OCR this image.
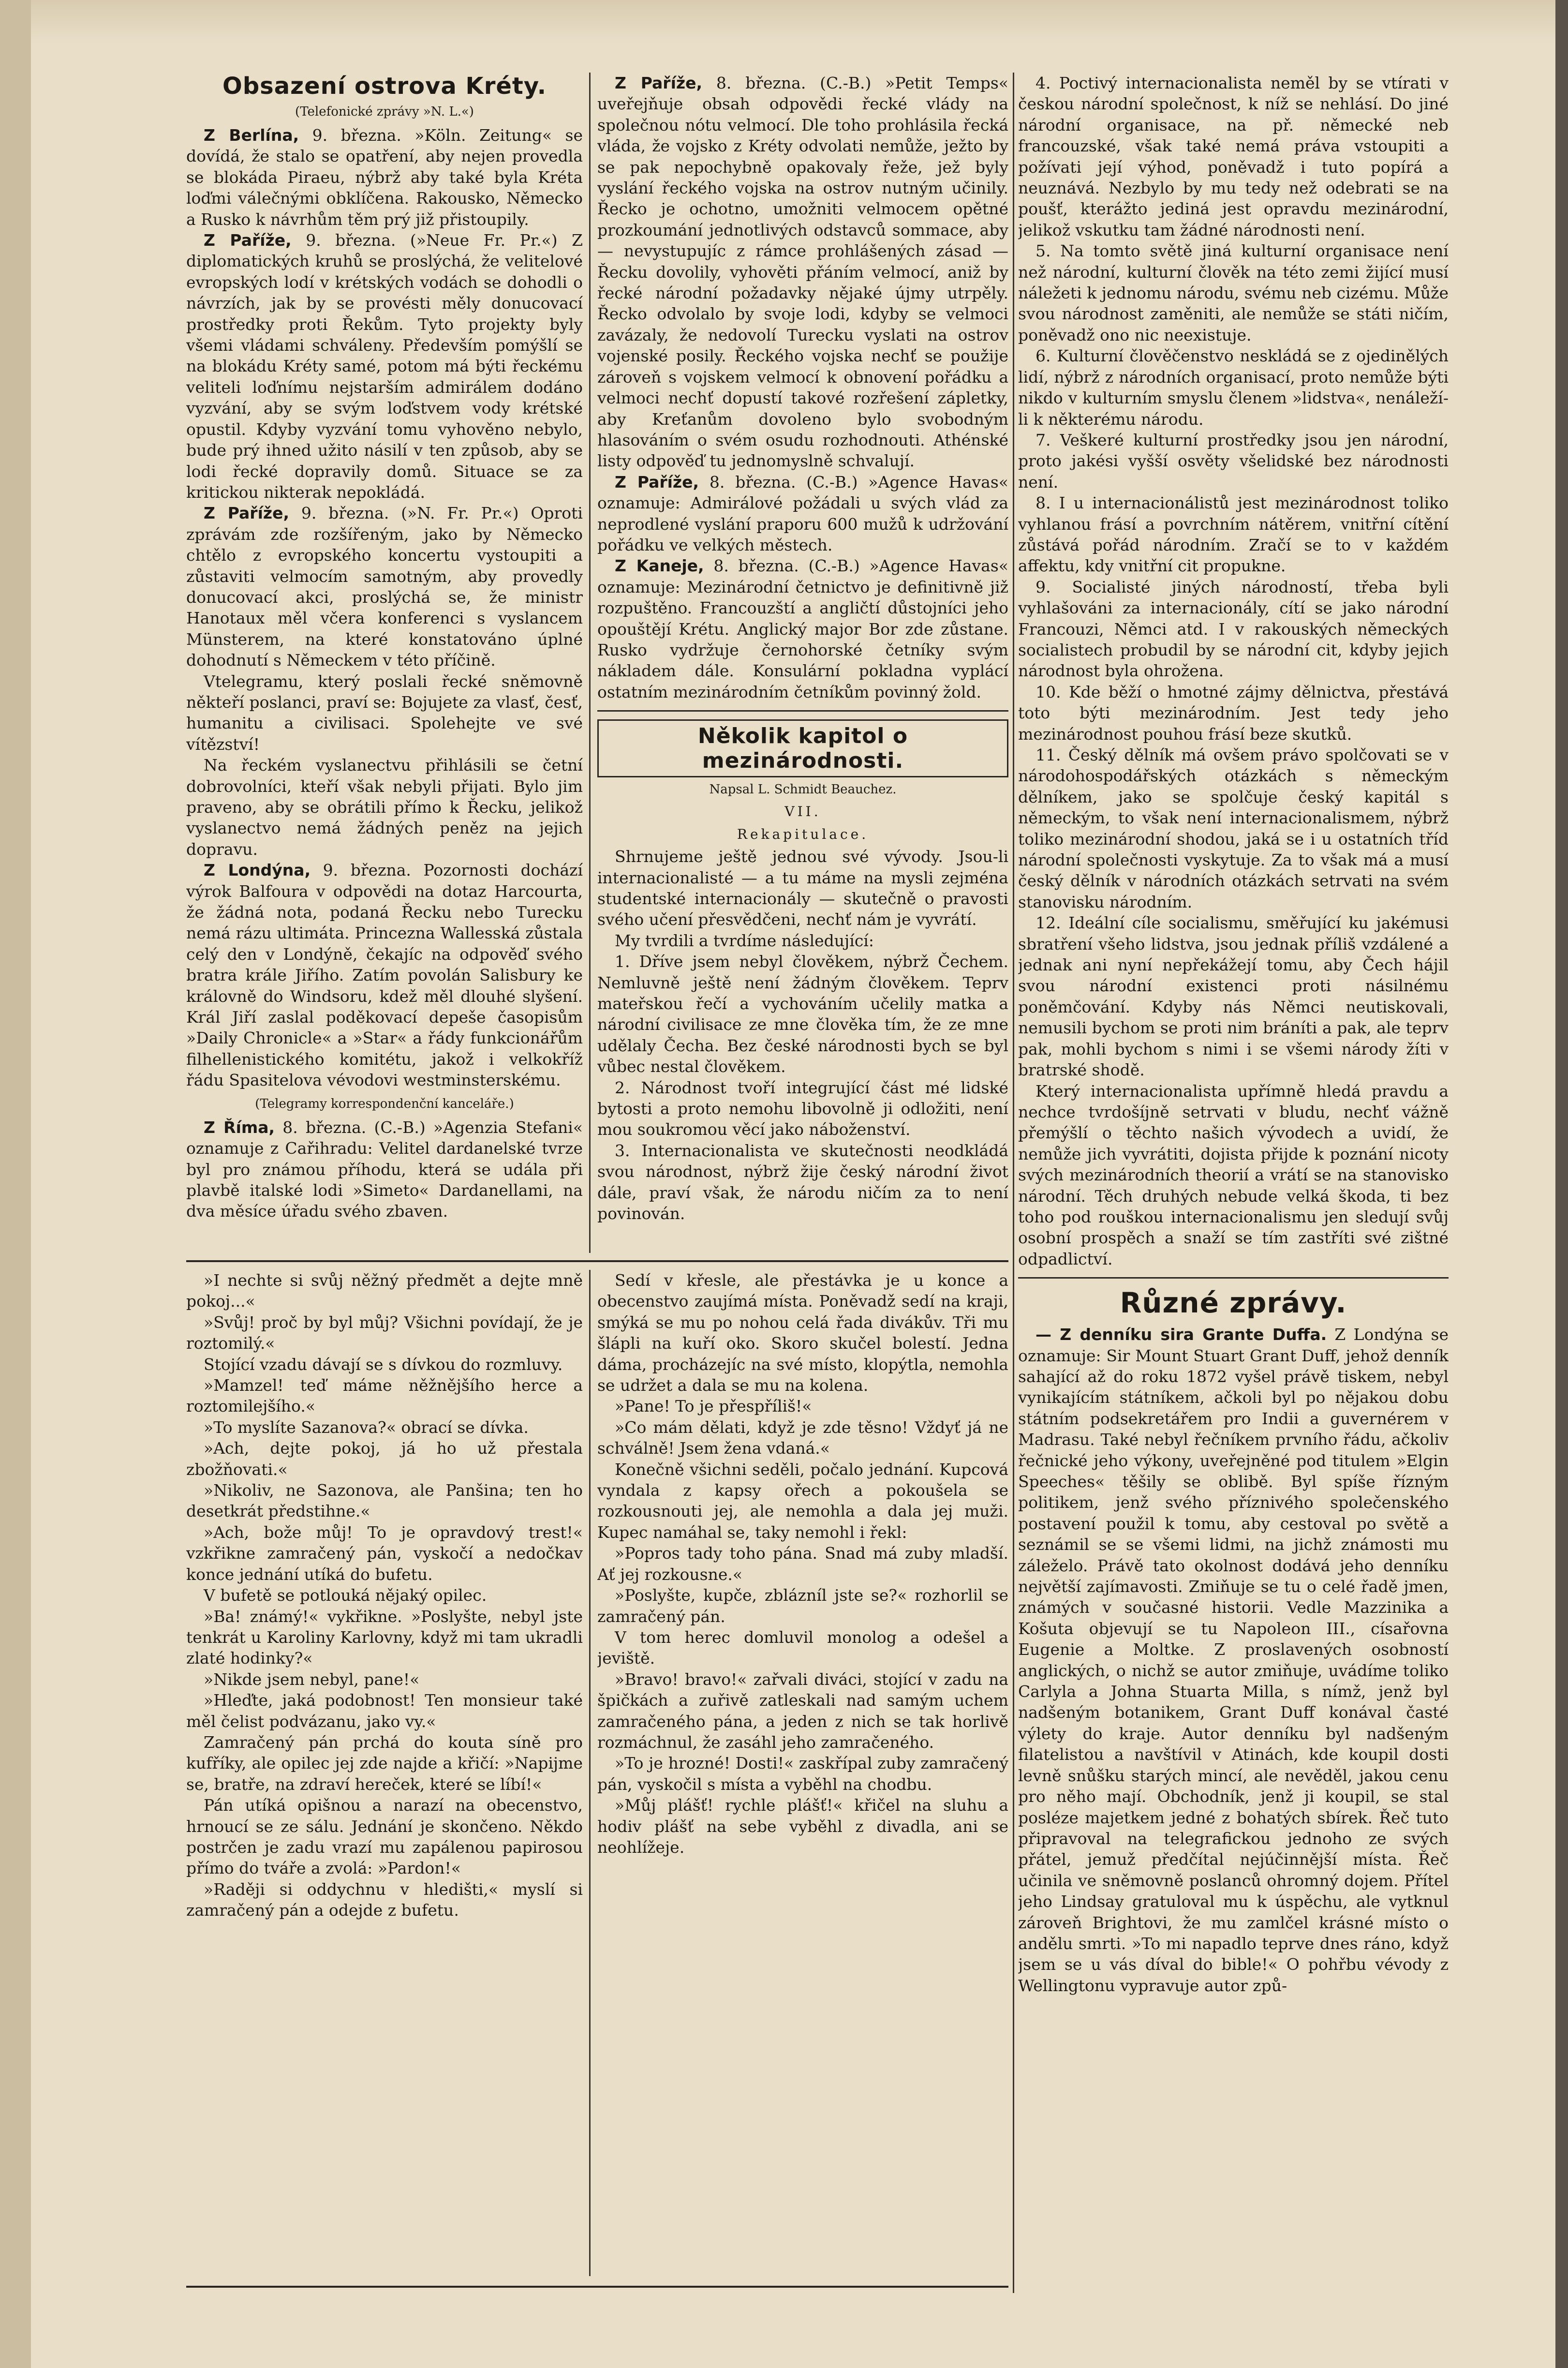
Obsazení ostrova Kréty.
(Telefonické zprávy »N. L.«)

Z Berlína, 9. března. »Köln. Zeitung« se dovídá, že stalo se opatření, aby nejen provedla se blokáda Piraeu, nýbrž aby také byla Kréta loďmi válečnými obklíčena. Rakousko, Německo a Rusko k návrhům těm prý již přistoupily.

Z Paříže, 9. března. (»Neue Fr. Pr.«) Z diplomatických kruhů se proslýchá, že velitelové evropských lodí v krétských vodách se dohodli o návrzích, jak by se provésti měly donucovací prostředky proti Řekům. Tyto projekty byly všemi vládami schváleny. Především pomýšlí se na blokádu Kréty samé, potom má býti řeckému veliteli loďnímu nejstarším admirálem dodáno vyzvání, aby se svým loďstvem vody krétské opustil. Kdyby vyzvání tomu vyhověno nebylo, bude prý ihned užito násilí v ten způsob, aby se lodi řecké dopravily domů. Situace se za kritickou nikterak nepokládá.

Z Paříže, 9. března. (»N. Fr. Pr.«) Oproti zprávám zde rozšířeným, jako by Německo chtělo z evropského koncertu vystoupiti a zůstaviti velmocím samotným, aby provedly donucovací akci, proslýchá se, že ministr Hanotaux měl včera konferenci s vyslancem Münsterem, na které konstatováno úplné dohodnutí s Německem v této příčině.

Vtelegramu, který poslali řecké sněmovně někteří poslanci, praví se: Bojujete za vlasť, česť, humanitu a civilisaci. Spolehejte ve své vítězství!

Na řeckém vyslanectvu přihlásili se četní dobrovolníci, kteří však nebyli přijati. Bylo jim praveno, aby se obrátili přímo k Řecku, jelikož vyslanectvo nemá žádných peněz na jejich dopravu.

Z Londýna, 9. března. Pozornosti dochází výrok Balfoura v odpovědi na dotaz Harcourta, že žádná nota, podaná Řecku nebo Turecku nemá rázu ultimáta. Princezna Wallesská zůstala celý den v Londýně, čekajíc na odpověď svého bratra krále Jiřího. Zatím povolán Salisbury ke královně do Windsoru, kdež měl dlouhé slyšení. Král Jiří zaslal poděkovací depeše časopisům »Daily Chronicle« a »Star« a řády funkcionářům filhellenistického komitétu, jakož i velkokříž řádu Spasitelova vévodovi westminsterskému.

(Telegramy korrespondenční kanceláře.)

Z Říma, 8. března. (C.-B.) »Agenzia Stefani« oznamuje z Cařihradu: Velitel dardanelské tvrze byl pro známou příhodu, která se udála při plavbě italské lodi »Simeto« Dardanellami, na dva měsíce úřadu svého zbaven.

Z Paříže, 8. března. (C.-B.) »Petit Temps« uveřejňuje obsah odpovědi řecké vlády na společnou nótu velmocí. Dle toho prohlásila řecká vláda, že vojsko z Kréty odvolati nemůže, ježto by se pak nepochybně opakovaly řeže, jež byly vyslání řeckého vojska na ostrov nutným učinily. Řecko je ochotno, umožniti velmocem opětné prozkoumání jednotlivých odstavců sommace, aby — nevystupujíc z rámce prohlášených zásad — Řecku dovolily, vyhověti přáním velmocí, aniž by řecké národní požadavky nějaké újmy utrpěly. Řecko odvolalo by svoje lodi, kdyby se velmoci zavázaly, že nedovolí Turecku vyslati na ostrov vojenské posily. Řeckého vojska nechť se použije zároveň s vojskem velmocí k obnovení pořádku a velmoci nechť dopustí takové rozřešení zápletky, aby Kreťanům dovoleno bylo svobodným hlasováním o svém osudu rozhodnouti. Athénské listy odpověď tu jednomyslně schvalují.

Z Paříže, 8. března. (C.-B.) »Agence Havas« oznamuje: Admirálové požádali u svých vlád za neprodlené vyslání praporu 600 mužů k udržování pořádku ve velkých městech.

Z Kaneje, 8. března. (C.-B.) »Agence Havas« oznamuje: Mezinárodní četnictvo je definitivně již rozpuštěno. Francouzští a angličtí důstojníci jeho opouštějí Krétu. Anglický major Bor zde zůstane. Rusko vydržuje černohorské četníky svým nákladem dále. Konsulární pokladna vyplácí ostatním mezinárodním četníkům povinný žold.

Několik kapitol o mezinárodnosti.
Napsal L. Schmidt Beauchez.
VII.
Rekapitulace.

Shrnujeme ještě jednou své vývody. Jsou-li internacionalisté — a tu máme na mysli zejména studentské internacionály — skutečně o pravosti svého učení přesvědčeni, nechť nám je vyvrátí.

My tvrdili a tvrdíme následující:

1. Dříve jsem nebyl člověkem, nýbrž Čechem. Nemluvně ještě není žádným člověkem. Teprv mateřskou řečí a vychováním učelily matka a národní civilisace ze mne člověka tím, že ze mne udělaly Čecha. Bez české národnosti bych se byl vůbec nestal člověkem.

2. Národnost tvoří integrující část mé lidské bytosti a proto nemohu libovolně ji odložiti, není mou soukromou věcí jako náboženství.

3. Internacionalista ve skutečnosti neodkládá svou národnost, nýbrž žije český národní život dále, praví však, že národu ničím za to není povinován.

4. Poctivý internacionalista neměl by se vtírati v českou národní společnost, k níž se nehlásí. Do jiné národní organisace, na př. německé neb francouzské, však také nemá práva vstoupiti a požívati její výhod, poněvadž i tuto popírá a neuznává. Nezbylo by mu tedy než odebrati se na poušť, kterážto jediná jest opravdu mezinárodní, jelikož vskutku tam žádné národnosti není.

5. Na tomto světě jiná kulturní organisace není než národní, kulturní člověk na této zemi žijící musí náležeti k jednomu národu, svému neb cizému. Může svou národnost zaměniti, ale nemůže se státi ničím, poněvadž ono nic neexistuje.

6. Kulturní člověčenstvo neskládá se z ojedinělých lidí, nýbrž z národních organisací, proto nemůže býti nikdo v kulturním smyslu členem »lidstva«, nenáleží-li k některému národu.

7. Veškeré kulturní prostředky jsou jen národní, proto jakési vyšší osvěty všelidské bez národnosti není.

8. I u internacionálistů jest mezinárodnost toliko vyhlanou frásí a povrchním nátěrem, vnitřní cítění zůstává pořád národním. Zračí se to v každém affektu, kdy vnitřní cit propukne.

9. Socialisté jiných národností, třeba byli vyhlašováni za internacionály, cítí se jako národní Francouzi, Němci atd. I v rakouských německých socialistech probudil by se národní cit, kdyby jejich národnost byla ohrožena.

10. Kde běží o hmotné zájmy dělnictva, přestává toto býti mezinárodním. Jest tedy jeho mezinárodnost pouhou frásí beze skutků.

11. Český dělník má ovšem právo spolčovati se v národohospodářských otázkách s německým dělníkem, jako se spolčuje český kapitál s německým, to však není internacionalismem, nýbrž toliko mezinárodní shodou, jaká se i u ostatních tříd národní společnosti vyskytuje. Za to však má a musí český dělník v národních otázkách setrvati na svém stanovisku národním.

12. Ideální cíle socialismu, směřující ku jakémusi sbratření všeho lidstva, jsou jednak příliš vzdálené a jednak ani nyní nepřekážejí tomu, aby Čech hájil svou národní existenci proti násilnému poněmčování. Kdyby nás Němci neutiskovali, nemusili bychom se proti nim bráníti a pak, ale teprv pak, mohli bychom s nimi i se všemi národy žíti v bratrské shodě.

Který internacionalista upřímně hledá pravdu a nechce tvrdošíjně setrvati v bludu, nechť vážně přemýšlí o těchto našich vývodech a uvidí, že nemůže jich vyvrátiti, dojista přijde k poznání nicoty svých mezinárodních theorií a vrátí se na stanovisko národní. Těch druhých nebude velká škoda, ti bez toho pod rouškou internacionalismu jen sledují svůj osobní prospěch a snaží se tím zastříti své zištné odpadlictví.

Různé zprávy.

— Z denníku sira Grante Duffa. Z Londýna se oznamuje: Sir Mount Stuart Grant Duff, jehož denník sahající až do roku 1872 vyšel právě tiskem, nebyl vynikajícím státníkem, ačkoli byl po nějakou dobu státním podsekretářem pro Indii a guvernérem v Madrasu. Také nebyl řečníkem prvního řádu, ačkoliv řečnické jeho výkony, uveřejněné pod titulem »Elgin Speeches« těšily se oblibě. Byl spíše řízným politikem, jenž svého příznivého společenského postavení použil k tomu, aby cestoval po světě a seznámil se se všemi lidmi, na jichž známosti mu záleželo. Právě tato okolnost dodává jeho denníku největší zajímavosti. Zmiňuje se tu o celé řadě jmen, známých v současné historii. Vedle Mazzinika a Košuta objevují se tu Napoleon III., císařovna Eugenie a Moltke. Z proslavených osobností anglických, o nichž se autor zmiňuje, uvádíme toliko Carlyla a Johna Stuarta Milla, s nímž, jenž byl nadšeným botanikem, Grant Duff konával časté výlety do kraje. Autor denníku byl nadšeným filatelistou a navštívil v Atinách, kde koupil dosti levně snůšku starých mincí, ale nevěděl, jakou cenu pro něho mají. Obchodník, jenž ji koupil, se stal posléze majetkem jedné z bohatých sbírek. Řeč tuto připravoval na telegrafickou jednoho ze svých přátel, jemuž předčítal nejúčinnější místa. Řeč učinila ve sněmovně poslanců ohromný dojem. Přítel jeho Lindsay gratuloval mu k úspěchu, ale vytknul zároveň Brightovi, že mu zamlčel krásné místo o andělu smrti. »To mi napadlo teprve dnes ráno, když jsem se u vás díval do bible!« O pohřbu vévody z Wellingtonu vypravuje autor způ-

»I nechte si svůj něžný předmět a dejte mně pokoj...«

»Svůj! proč by byl můj? Všichni povídají, že je roztomilý.«

Stojící vzadu dávají se s dívkou do rozmluvy.

»Mamzel! teď máme něžnějšího herce a roztomilejšího.«

»To myslíte Sazanova?« obrací se dívka.

»Ach, dejte pokoj, já ho už přestala zbožňovati.«

»Nikoliv, ne Sazonova, ale Panšina; ten ho desetkrát předstihne.«

»Ach, bože můj! To je opravdový trest!« vzkřikne zamračený pán, vyskočí a nedočkav konce jednání utíká do bufetu.

V bufetě se potlouká nějaký opilec.

»Ba! známý!« vykřikne. »Poslyšte, nebyl jste tenkrát u Karoliny Karlovny, když mi tam ukradli zlaté hodinky?«

»Nikde jsem nebyl, pane!«

»Hleďte, jaká podobnost! Ten monsieur také měl čelist podvázanu, jako vy.«

Zamračený pán prchá do kouta síně pro kufříky, ale opilec jej zde najde a křičí: »Napijme se, bratře, na zdraví hereček, které se líbí!«

Pán utíká opišnou a narazí na obecenstvo, hrnoucí se ze sálu. Jednání je skončeno. Někdo postrčen je zadu vrazí mu zapálenou papirosou přímo do tváře a zvolá: »Pardon!«

»Raději si oddychnu v hledišti,« myslí si zamračený pán a odejde z bufetu.

Sedí v křesle, ale přestávka je u konce a obecenstvo zaujímá místa. Poněvadž sedí na kraji, smýká se mu po nohou celá řada divákův. Tři mu šlápli na kuří oko. Skoro skučel bolestí. Jedna dáma, procházejíc na své místo, klopýtla, nemohla se udržet a dala se mu na kolena.

»Pane! To je přespříliš!«

»Co mám dělati, když je zde těsno! Vždyť já ne schválně! Jsem žena vdaná.«

Konečně všichni seděli, počalo jednání. Kupcová vyndala z kapsy ořech a pokoušela se rozkousnouti jej, ale nemohla a dala jej muži. Kupec namáhal se, taky nemohl i řekl:

»Popros tady toho pána. Snad má zuby mladší. Ať jej rozkousne.«

»Poslyšte, kupče, zblázníl jste se?« rozhorlil se zamračený pán.

V tom herec domluvil monolog a odešel a jeviště.

»Bravo! bravo!« zařvali diváci, stojící v zadu na špičkách a zuřivě zatleskali nad samým uchem zamračeného pána, a jeden z nich se tak horlivě rozmáchnul, že zasáhl jeho zamračeného.

»To je hrozné! Dosti!« zaskřípal zuby zamračený pán, vyskočil s místa a vyběhl na chodbu.

»Můj plášť! rychle plášť!« křičel na sluhu a hodiv plášť na sebe vyběhl z divadla, ani se neohlížeje.
